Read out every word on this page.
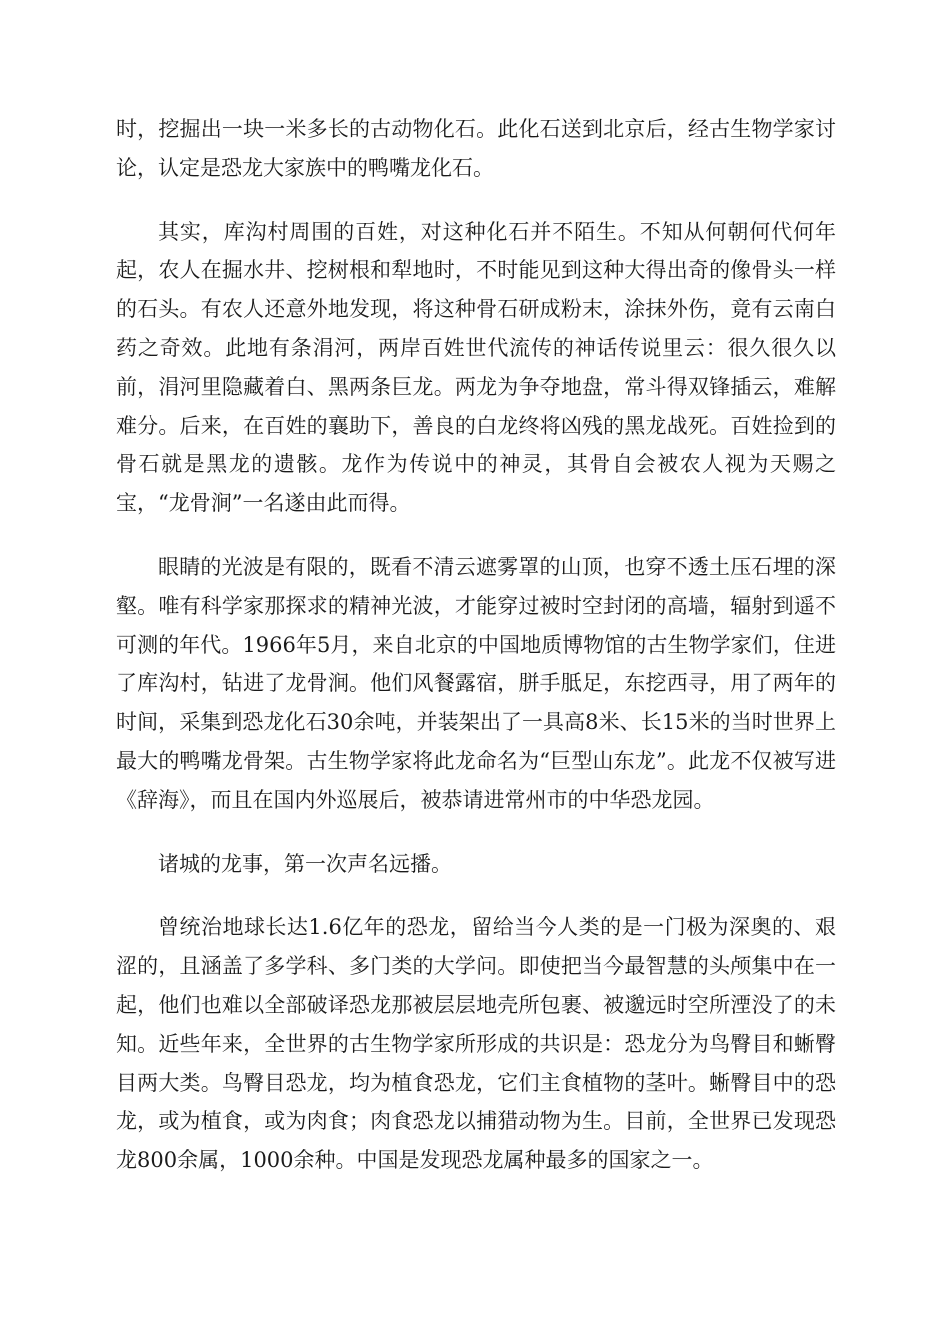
时，挖掘出一块一米多长的古动物化石。此化石送到北京后，经古生物学家讨论，认定是恐龙大家族中的鸭嘴龙化石。

其实，库沟村周围的百姓，对这种化石并不陌生。不知从何朝何代何年起，农人在掘水井、挖树根和犁地时，不时能见到这种大得出奇的像骨头一样的石头。有农人还意外地发现，将这种骨石研成粉末，涂抹外伤，竟有云南白药之奇效。此地有条涓河，两岸百姓世代流传的神话传说里云：很久很久以前，涓河里隐藏着白、黑两条巨龙。两龙为争夺地盘，常斗得双锋插云，难解难分。后来，在百姓的襄助下，善良的白龙终将凶残的黑龙战死。百姓捡到的骨石就是黑龙的遗骸。龙作为传说中的神灵，其骨自会被农人视为天赐之宝，“龙骨涧”一名遂由此而得。

眼睛的光波是有限的，既看不清云遮雾罩的山顶，也穿不透土压石埋的深壑。唯有科学家那探求的精神光波，才能穿过被时空封闭的高墙，辐射到遥不可测的年代。1966年5月，来自北京的中国地质博物馆的古生物学家们，住进了库沟村，钻进了龙骨涧。他们风餐露宿，胼手胝足，东挖西寻，用了两年的时间，采集到恐龙化石30余吨，并装架出了一具高8米、长15米的当时世界上最大的鸭嘴龙骨架。古生物学家将此龙命名为“巨型山东龙”。此龙不仅被写进《辞海》，而且在国内外巡展后，被恭请进常州市的中华恐龙园。

诸城的龙事，第一次声名远播。

曾统治地球长达1.6亿年的恐龙，留给当今人类的是一门极为深奥的、艰涩的，且涵盖了多学科、多门类的大学问。即使把当今最智慧的头颅集中在一起，他们也难以全部破译恐龙那被层层地壳所包裹、被邈远时空所湮没了的未知。近些年来，全世界的古生物学家所形成的共识是：恐龙分为鸟臀目和蜥臀目两大类。鸟臀目恐龙，均为植食恐龙，它们主食植物的茎叶。蜥臀目中的恐龙，或为植食，或为肉食；肉食恐龙以捕猎动物为生。目前，全世界已发现恐龙800余属，1000余种。中国是发现恐龙属种最多的国家之一。
